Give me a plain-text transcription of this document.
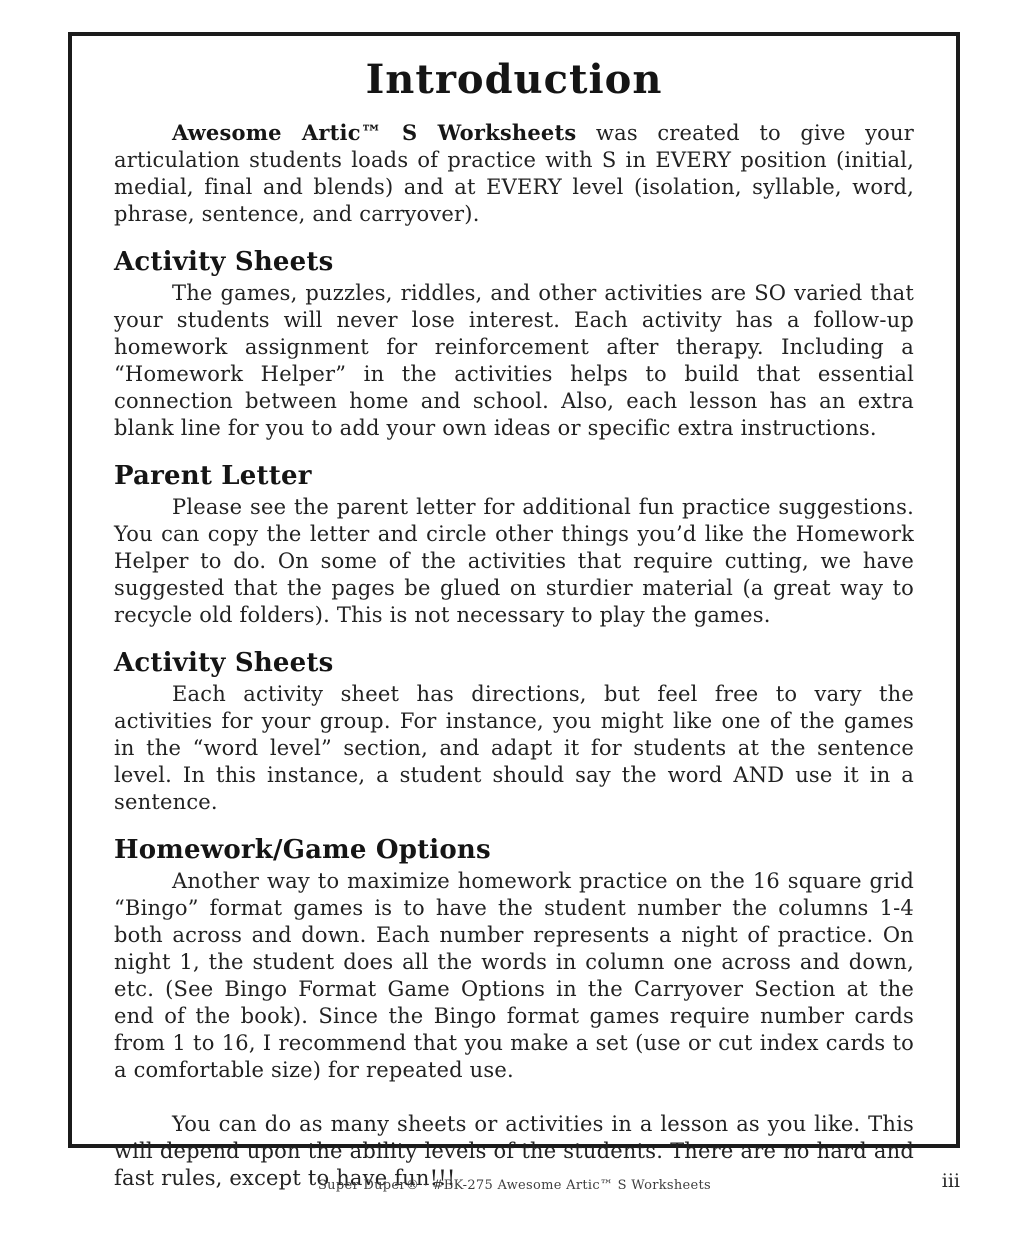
Introduction

Awesome Artic™ S Worksheets was created to give your articulation students loads of practice with S in EVERY position (initial, medial, final and blends) and at EVERY level (isolation, syllable, word, phrase, sentence, and carryover).

Activity Sheets

The games, puzzles, riddles, and other activities are SO varied that your students will never lose interest. Each activity has a follow-up homework assignment for reinforcement after therapy. Including a “Homework Helper” in the activities helps to build that essential connection between home and school. Also, each lesson has an extra blank line for you to add your own ideas or specific extra instructions.

Parent Letter

Please see the parent letter for additional fun practice suggestions. You can copy the letter and circle other things you’d like the Homework Helper to do. On some of the activities that require cutting, we have suggested that the pages be glued on sturdier material (a great way to recycle old folders). This is not necessary to play the games.

Activity Sheets

Each activity sheet has directions, but feel free to vary the activities for your group. For instance, you might like one of the games in the “word level” section, and adapt it for students at the sentence level. In this instance, a student should say the word AND use it in a sentence.

Homework/Game Options

Another way to maximize homework practice on the 16 square grid “Bingo” format games is to have the student number the columns 1-4 both across and down. Each number represents a night of practice. On night 1, the student does all the words in column one across and down, etc. (See Bingo Format Game Options in the Carryover Section at the end of the book). Since the Bingo format games require number cards from 1 to 16, I recommend that you make a set (use or cut index cards to a comfortable size) for repeated use.

You can do as many sheets or activities in a lesson as you like. This will depend upon the ability levels of the students. There are no hard and fast rules, except to have fun!!!

Super Duper® · #BK-275 Awesome Artic™ S Worksheets	iii
